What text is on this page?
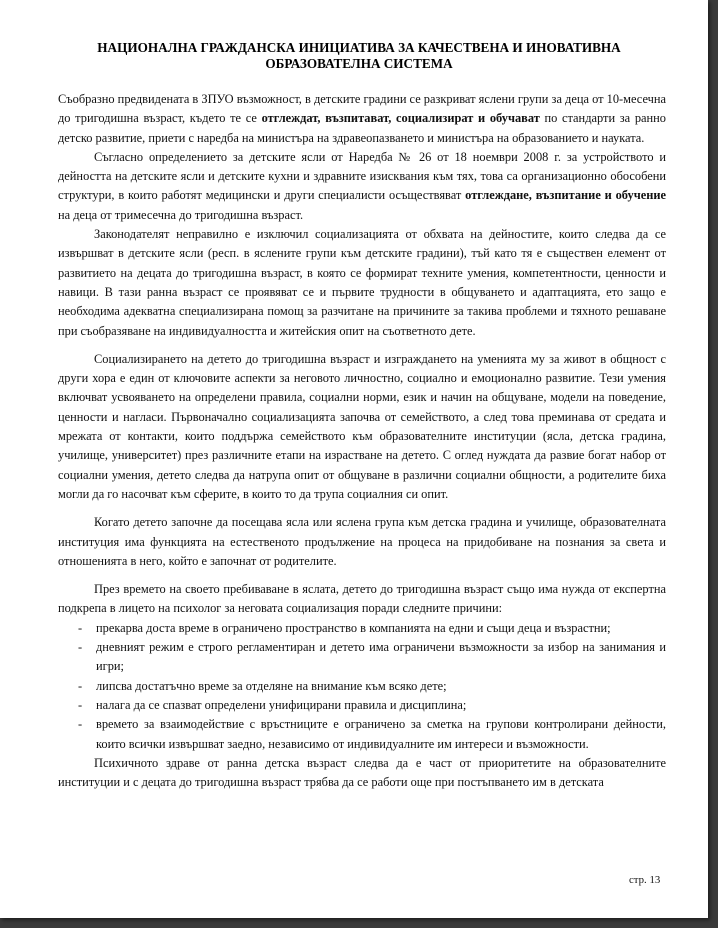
НАЦИОНАЛНА ГРАЖДАНСКА ИНИЦИАТИВА ЗА КАЧЕСТВЕНА И ИНОВАТИВНА
ОБРАЗОВАТЕЛНА СИСТЕМА

Съобразно предвидената в ЗПУО възможност, в детските градини се разкриват яслени групи за деца от 10-месечна до тригодишна възраст, където те се отглеждат, възпитават, социализират и обучават по стандарти за ранно детско развитие, приети с наредба на министъра на здравеопазването и министъра на образованието и науката.

Съгласно определението за детските ясли от Наредба № 26 от 18 ноември 2008 г. за устройството и дейността на детските ясли и детските кухни и здравните изисквания към тях, това са организационно обособени структури, в които работят медицински и други специалисти осъществяват отглеждане, възпитание и обучение на деца от тримесечна до тригодишна възраст.

Законодателят неправилно е изключил социализацията от обхвата на дейностите, които следва да се извършват в детските ясли (респ. в яслените групи към детските градини), тъй като тя е съществен елемент от развитието на децата до тригодишна възраст, в която се формират техните умения, компетентности, ценности и навици. В тази ранна възраст се проявяват се и първите трудности в общуването и адаптацията, ето защо е необходима адекватна специализирана помощ за разчитане на причините за такива проблеми и тяхното решаване при съобразяване на индивидуалността и житейския опит на съответното дете.

Социализирането на детето до тригодишна възраст и изграждането на уменията му за живот в общност с други хора е един от ключовите аспекти за неговото личностно, социално и емоционално развитие. Тези умения включват усвояването на определени правила, социални норми, език и начин на общуване, модели на поведение, ценности и нагласи. Първоначално социализацията започва от семейството, а след това преминава от средата и мрежата от контакти, които поддържа семейството към образователните институции (ясла, детска градина, училище, университет) през различните етапи на израстване на детето. С оглед нуждата да развие богат набор от социални умения, детето следва да натрупа опит от общуване в различни социални общности, а родителите биха могли да го насочват към сферите, в които то да трупа социалния си опит.

Когато детето започне да посещава ясла или яслена група към детска градина и училище, образователната институция има функцията на естественото продължение на процеса на придобиване на познания за света и отношенията в него, който е започнат от родителите.

През времето на своето пребиваване в яслата, детето до тригодишна възраст също има нужда от експертна подкрепа в лицето на психолог за неговата социализация поради следните причини:

- прекарва доста време в ограничено пространство в компанията на едни и същи деца и възрастни;
- дневният режим е строго регламентиран и детето има ограничени възможности за избор на занимания и игри;
- липсва достатъчно време за отделяне на внимание към всяко дете;
- налага да се спазват определени унифицирани правила и дисциплина;
- времето за взаимодействие с връстниците е ограничено за сметка на групови контролирани дейности, които всички извършват заедно, независимо от индивидуалните им интереси и възможности.

Психичното здраве от ранна детска възраст следва да е част от приоритетите на образователните институции и с децата до тригодишна възраст трябва да се работи още при постъпването им в детската

стр. 13
